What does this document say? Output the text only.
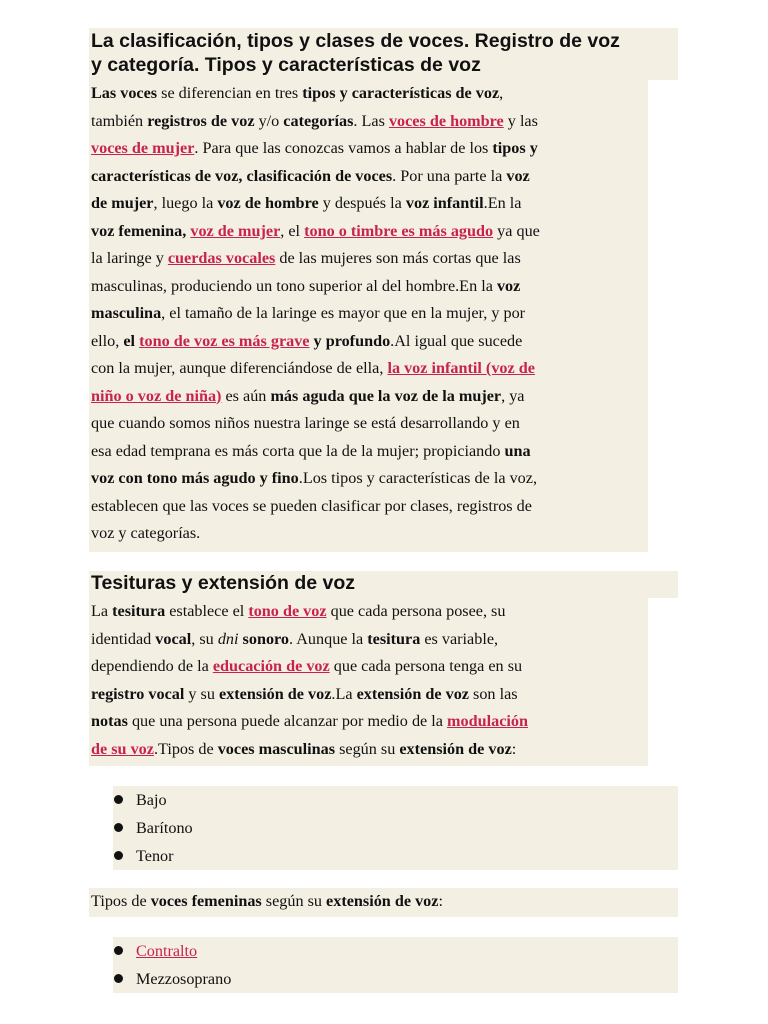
La clasificación, tipos y clases de voces. Registro de voz
y categoría. Tipos y características de voz
Las voces se diferencian en tres tipos y características de voz,
también registros de voz y/o categorías. Las voces de hombre y las
voces de mujer. Para que las conozcas vamos a hablar de los tipos y
características de voz, clasificación de voces. Por una parte la voz
de mujer, luego la voz de hombre y después la voz infantil.En la
voz femenina, voz de mujer, el tono o timbre es más agudo ya que
la laringe y cuerdas vocales de las mujeres son más cortas que las
masculinas, produciendo un tono superior al del hombre.En la voz
masculina, el tamaño de la laringe es mayor que en la mujer, y por
ello, el tono de voz es más grave y profundo.Al igual que sucede
con la mujer, aunque diferenciándose de ella, la voz infantil (voz de
niño o voz de niña) es aún más aguda que la voz de la mujer, ya
que cuando somos niños nuestra laringe se está desarrollando y en
esa edad temprana es más corta que la de la mujer; propiciando una
voz con tono más agudo y fino.Los tipos y características de la voz,
establecen que las voces se pueden clasificar por clases, registros de
voz y categorías.
Tesituras y extensión de voz
La tesitura establece el tono de voz que cada persona posee, su
identidad vocal, su dni sonoro. Aunque la tesitura es variable,
dependiendo de la educación de voz que cada persona tenga en su
registro vocal y su extensión de voz.La extensión de voz son las
notas que una persona puede alcanzar por medio de la modulación
de su voz.Tipos de voces masculinas según su extensión de voz:
Bajo
Barítono
Tenor
Tipos de voces femeninas según su extensión de voz:
Contralto
Mezzosoprano
